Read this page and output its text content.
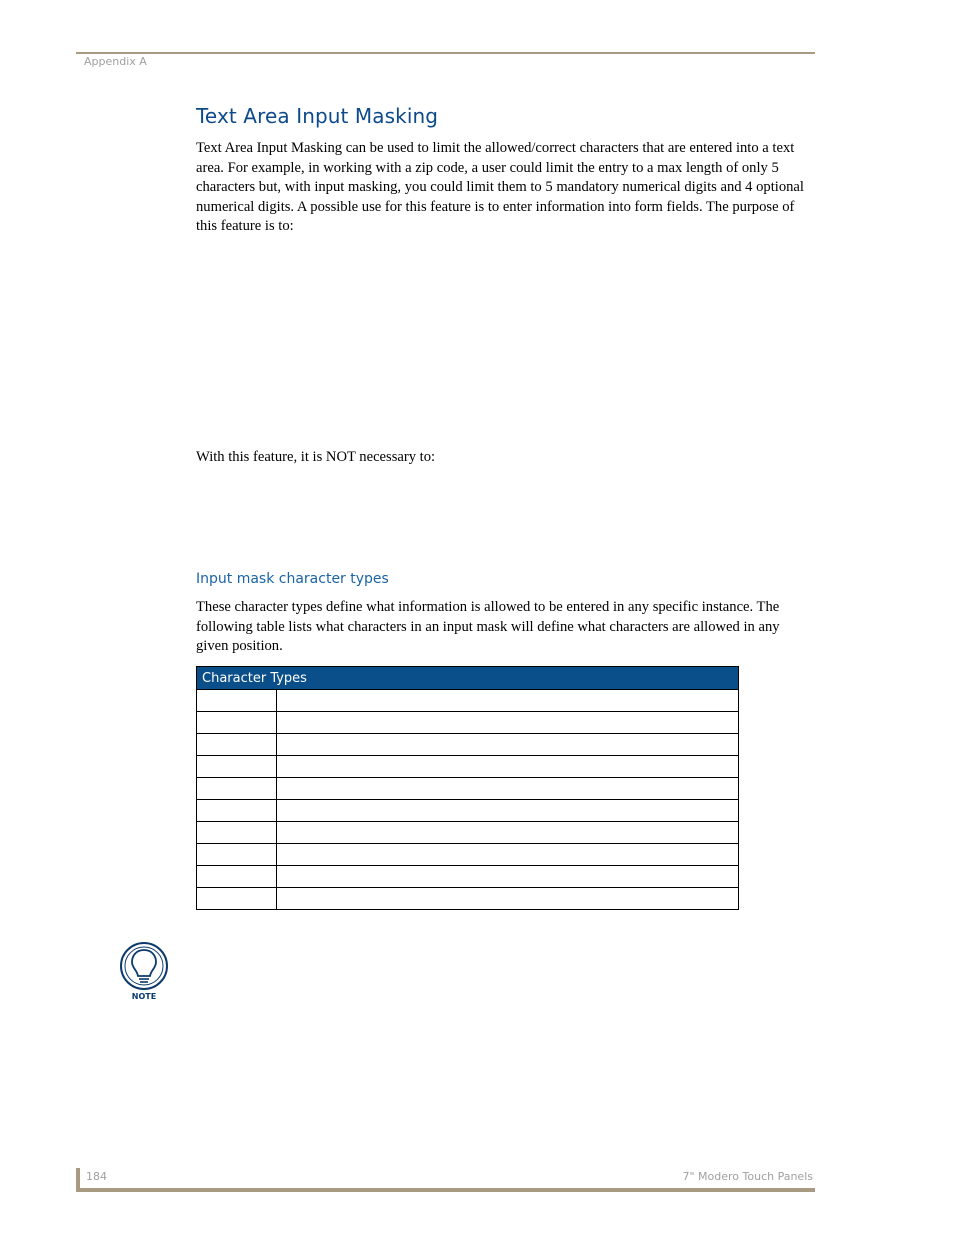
Appendix A
Text Area Input Masking

Text Area Input Masking can be used to limit the allowed/correct characters that are entered into a text area. For example, in working with a zip code, a user could limit the entry to a max length of only 5 characters but, with input masking, you could limit them to 5 mandatory numerical digits and 4 optional numerical digits. A possible use for this feature is to enter information into form fields. The purpose of this feature is to:

With this feature, it is NOT necessary to:

Input mask character types

These character types define what information is allowed to be entered in any specific instance. The following table lists what characters in an input mask will define what characters are allowed in any given position.

Character Types	

NOTE
184	7" Modero Touch Panels
